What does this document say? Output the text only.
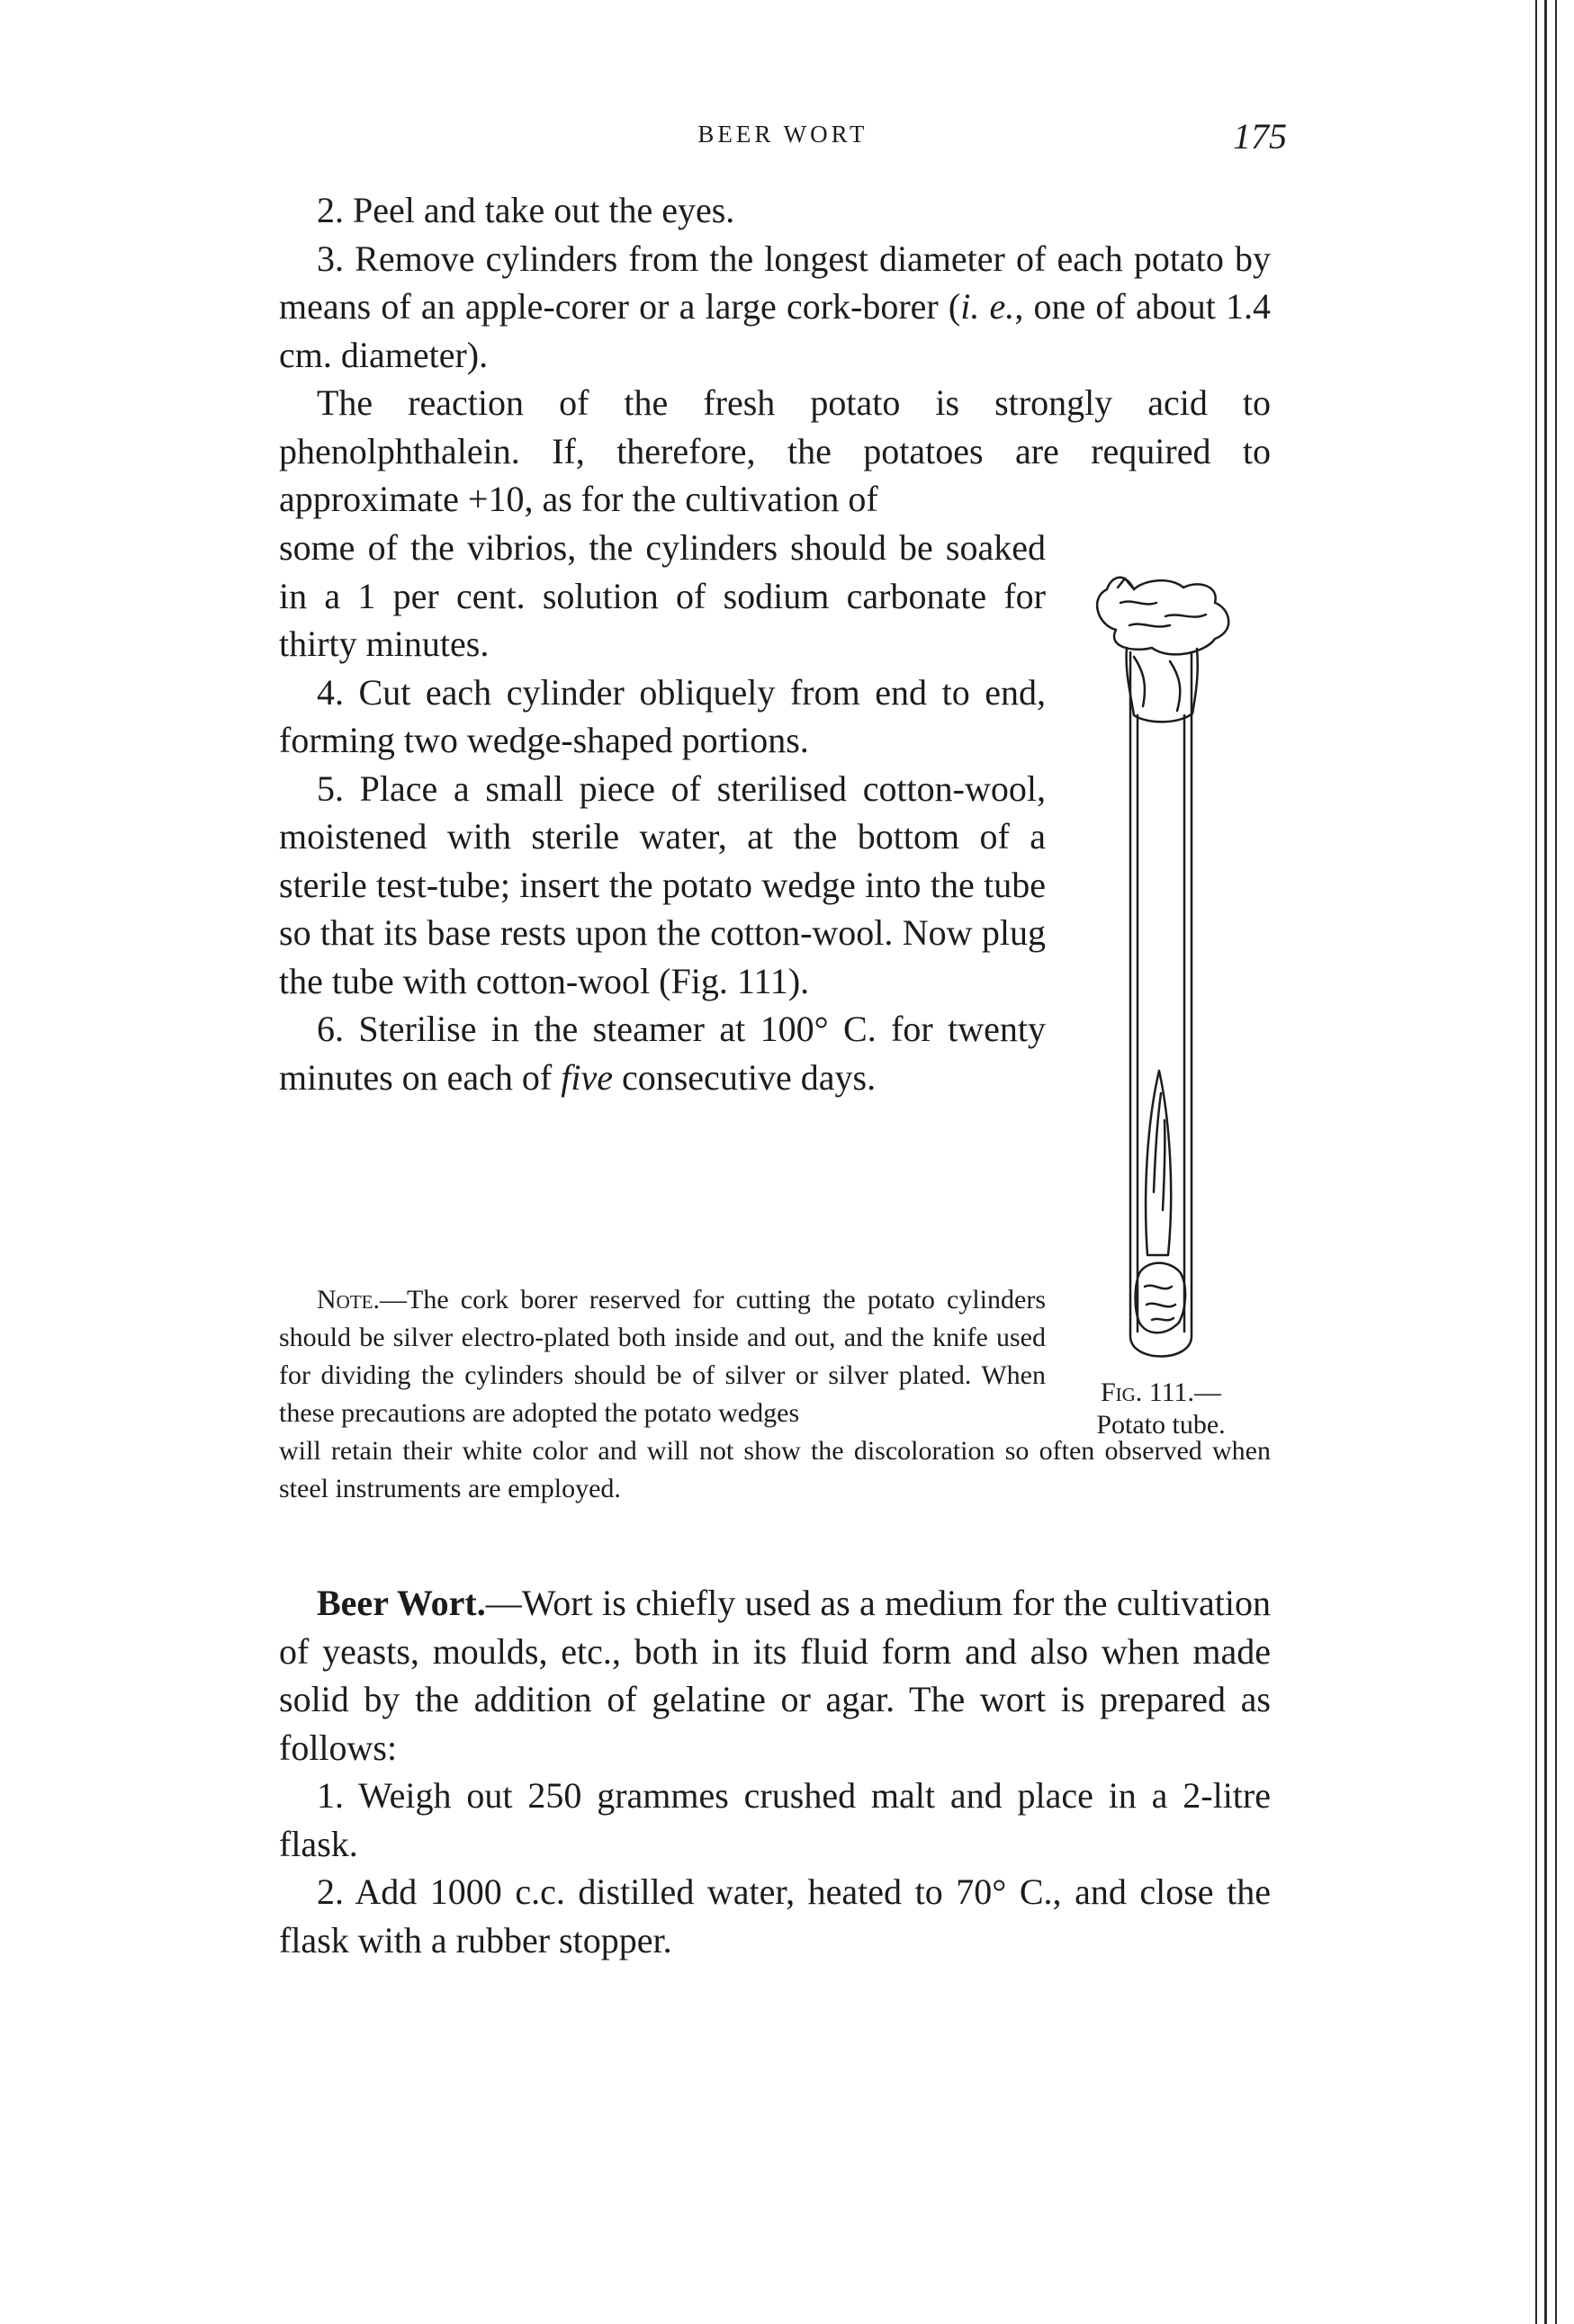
BEER WORT	175

2. Peel and take out the eyes.

3. Remove cylinders from the longest diameter of each potato by means of an apple-corer or a large cork-borer (i. e., one of about 1.4 cm. diameter).

The reaction of the fresh potato is strongly acid to phenolphthalein. If, therefore, the potatoes are required to approximate +10, as for the cultivation of

some of the vibrios, the cylinders should be soaked in a 1 per cent. solution of sodium carbonate for thirty minutes.

4. Cut each cylinder obliquely from end to end, forming two wedge-shaped portions.

5. Place a small piece of sterilised cotton-wool, moistened with sterile water, at the bottom of a sterile test-tube; insert the potato wedge into the tube so that its base rests upon the cotton-wool. Now plug the tube with cotton-wool (Fig. 111).

6. Sterilise in the steamer at 100° C. for twenty minutes on each of five consecutive days.

Note.—The cork borer reserved for cutting the potato cylinders should be silver electro-plated both inside and out, and the knife used for dividing the cylinders should be of silver or silver plated. When these precautions are adopted the potato wedges

will retain their white color and will not show the discoloration so often observed when steel instruments are employed.

Fig. 111.—
Potato tube.

Beer Wort.—Wort is chiefly used as a medium for the cultivation of yeasts, moulds, etc., both in its fluid form and also when made solid by the addition of gelatine or agar. The wort is prepared as follows:

1. Weigh out 250 grammes crushed malt and place in a 2-litre flask.

2. Add 1000 c.c. distilled water, heated to 70° C., and close the flask with a rubber stopper.
